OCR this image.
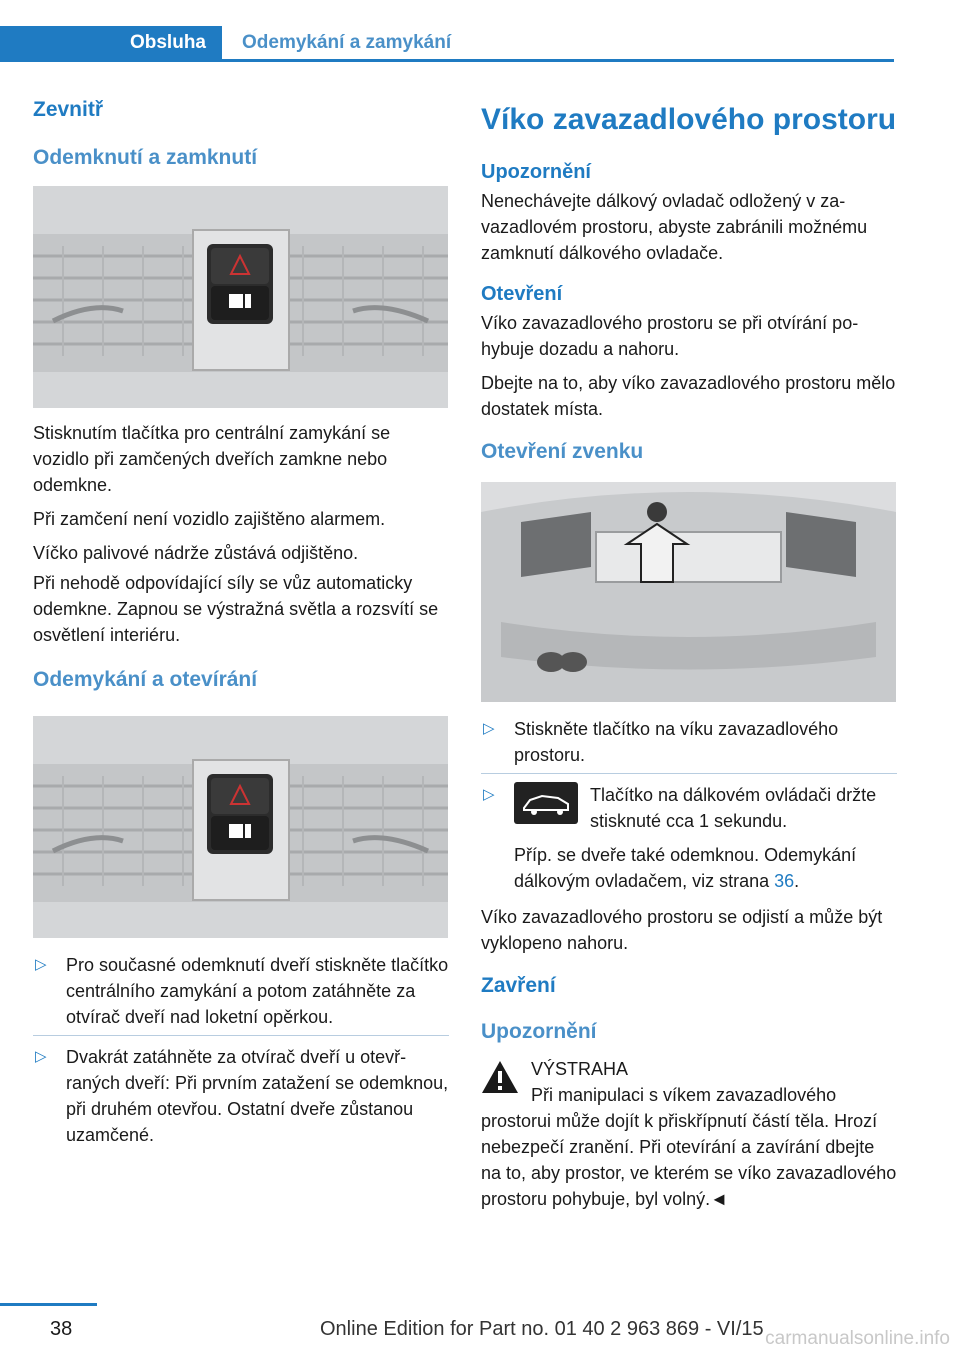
Obsluha	Odemykání a zamykání
Zevnitř
Odemknutí a zamknutí

Stisknutím tlačítka pro centrální zamykání se vozidlo při zamčených dveřích zamkne nebo odemkne.

Při zamčení není vozidlo zajištěno alarmem.

Víčko palivové nádrže zůstává odjištěno.

Při nehodě odpovídající síly se vůz automaticky odemkne. Zapnou se výstražná světla a rozsvítí se osvětlení interiéru.

Odemykání a otevírání
▷ Pro současné odemknutí dveří stiskněte tlačítko centrálního zamykání a potom zatáhněte za otvírač dveří nad loketní opěrkou.
▷ Dvakrát zatáhněte za otvírač dveří u otevřraných dveří: Při prvním zatažení se odemknou, při druhém otevřou. Ostatní dveře zůstanou uzamčené.
Víko zavazadlového prostoru
Upozornění

Nenechávejte dálkový ovladač odložený v zavazadlovém prostoru, abyste zabránili možnému zamknutí dálkového ovladače.

Otevření

Víko zavazadlového prostoru se při otvírání pohybuje dozadu a nahoru.

Dbejte na to, aby víko zavazadlového prostoru mělo dostatek místa.

Otevření zvenku
▷ Stiskněte tlačítko na víku zavazadlového prostoru.
▷	Tlačítko na dálkovém ovládači držte stisknuté cca 1 sekundu.
Příp. se dveře také odemknou. Odemykání dálkovým ovladačem, viz strana 36.

Víko zavazadlového prostoru se odjistí a může být vyklopeno nahoru.

Zavření
Upozornění
VÝSTRAHA
Při manipulaci s víkem zavazadlového prostorui může dojít k přiskřípnutí částí těla. Hrozí nebezpečí zranění. Při otevírání a zavírání dbejte na to, aby prostor, ve kterém se víko zavazadlového prostoru pohybuje, byl volný.◄
38	Online Edition for Part no. 01 40 2 963 869 - VI/15 carmanualsonline.info
